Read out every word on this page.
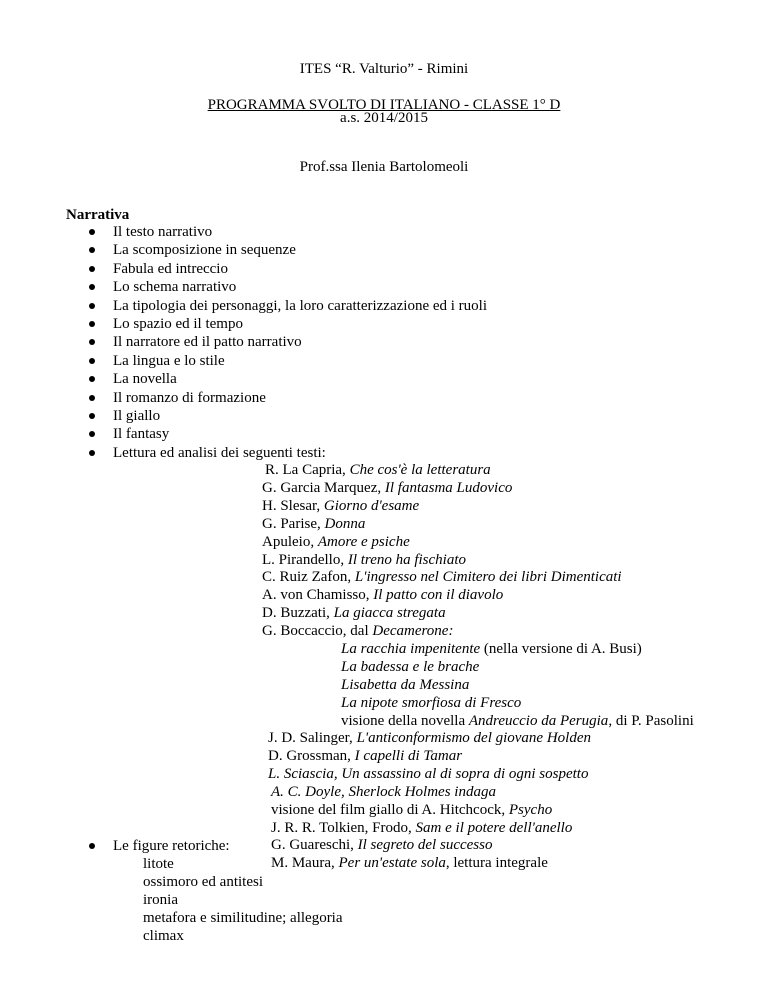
ITES “R. Valturio” - Rimini
PROGRAMMA SVOLTO DI ITALIANO - CLASSE 1° D
a.s. 2014/2015
Prof.ssa Ilenia Bartolomeoli
Narrativa
Il testo narrativo
La scomposizione in sequenze
Fabula ed intreccio
Lo schema narrativo
La tipologia dei personaggi, la loro caratterizzazione ed i ruoli
Lo spazio ed il tempo
Il narratore ed il patto narrativo
La lingua e lo stile
La novella
Il romanzo di formazione
Il giallo
Il fantasy
Lettura ed analisi dei seguenti testi:
R. La Capria, Che cos'è la letteratura
G. Garcia Marquez, Il fantasma Ludovico
H. Slesar, Giorno d'esame
G. Parise, Donna
Apuleio, Amore e psiche
L. Pirandello, Il treno ha fischiato
C. Ruiz Zafon, L'ingresso nel Cimitero dei libri Dimenticati
A. von Chamisso, Il patto con il diavolo
D. Buzzati, La giacca stregata
G. Boccaccio, dal Decamerone:
La racchia impenitente (nella versione di A. Busi)
La badessa e le brache
Lisabetta da Messina
La nipote smorfiosa di Fresco
visione della novella Andreuccio da Perugia, di P. Pasolini
J. D. Salinger, L'anticonformismo del giovane Holden
D. Grossman, I capelli di Tamar
L. Sciascia, Un assassino al di sopra di ogni sospetto
A. C. Doyle, Sherlock Holmes indaga
visione del film giallo di A. Hitchcock, Psycho
J. R. R. Tolkien, Frodo, Sam e il potere dell'anello
G. Guareschi, Il segreto del successo
M. Maura, Per un'estate sola, lettura integrale
Le figure retoriche:
litote
ossimoro ed antitesi
ironia
metafora e similitudine; allegoria
climax
